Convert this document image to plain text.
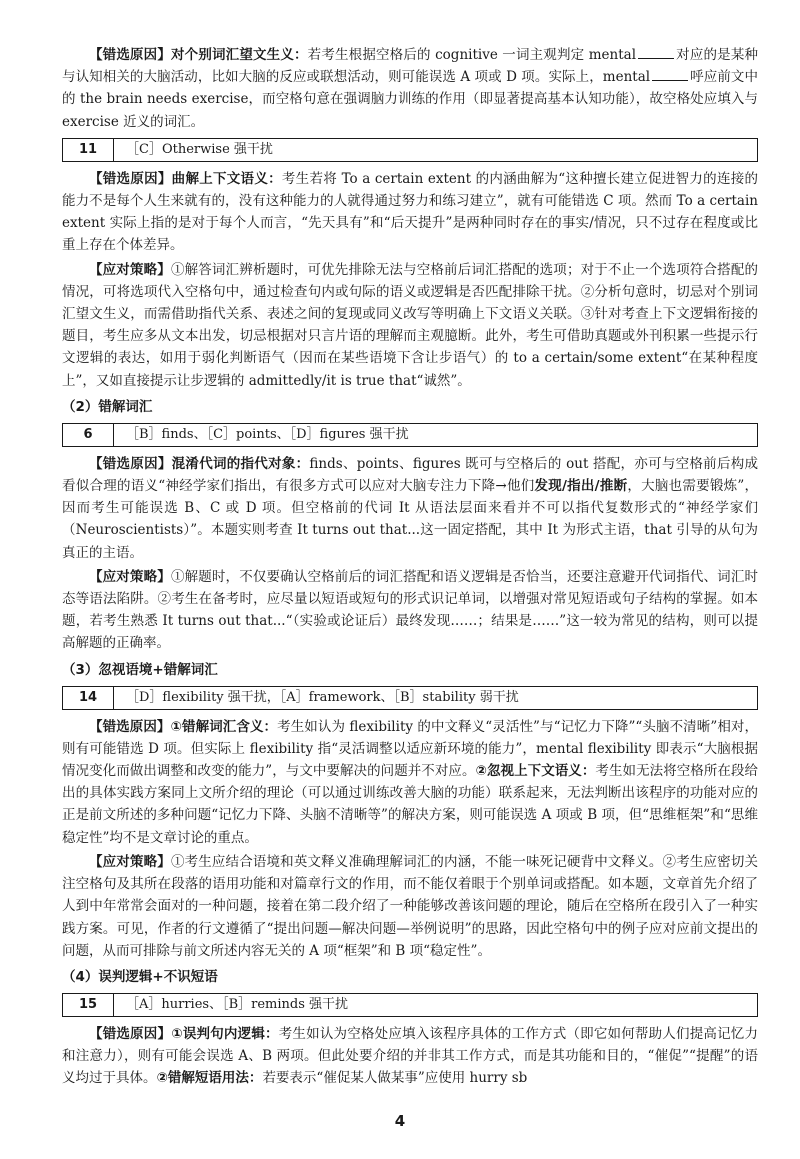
【错选原因】对个别词汇望文生义：若考生根据空格后的 cognitive 一词主观判定 mental	对应的是某种与认知相关的大脑活动，比如大脑的反应或联想活动，则可能误选 A 项或 D 项。实际上，mental	呼应前文中的 the brain needs exercise，而空格句意在强调脑力训练的作用（即显著提高基本认知功能），故空格处应填入与 exercise 近义的词汇。

11	［C］Otherwise 强干扰

【错选原因】曲解上下文语义：考生若将 To a certain extent 的内涵曲解为“这种擅长建立促进智力的连接的能力不是每个人生来就有的，没有这种能力的人就得通过努力和练习建立”，就有可能错选 C 项。然而 To a certain extent 实际上指的是对于每个人而言，“先天具有”和“后天提升”是两种同时存在的事实/情况，只不过存在程度或比重上存在个体差异。

【应对策略】①解答词汇辨析题时，可优先排除无法与空格前后词汇搭配的选项；对于不止一个选项符合搭配的情况，可将选项代入空格句中，通过检查句内或句际的语义或逻辑是否匹配排除干扰。②分析句意时，切忌对个别词汇望文生义，而需借助指代关系、表述之间的复现或同义改写等明确上下文语义关联。③针对考查上下文逻辑衔接的题目，考生应多从文本出发，切忌根据对只言片语的理解而主观臆断。此外，考生可借助真题或外刊积累一些提示行文逻辑的表达，如用于弱化判断语气（因而在某些语境下含让步语气）的 to a certain/some extent“在某种程度上”，又如直接提示让步逻辑的 admittedly/it is true that“诚然”。

（2）错解词汇
6	［B］finds、［C］points、［D］figures 强干扰

【错选原因】混淆代词的指代对象：finds、points、figures 既可与空格后的 out 搭配，亦可与空格前后构成看似合理的语义“神经学家们指出，有很多方式可以应对大脑专注力下降→他们发现/指出/推断，大脑也需要锻炼”，因而考生可能误选 B、C 或 D 项。但空格前的代词 It 从语法层面来看并不可以指代复数形式的“神经学家们（Neuroscientists）”。本题实则考查 It turns out that...这一固定搭配，其中 It 为形式主语，that 引导的从句为真正的主语。

【应对策略】①解题时，不仅要确认空格前后的词汇搭配和语义逻辑是否恰当，还要注意避开代词指代、词汇时态等语法陷阱。②考生在备考时，应尽量以短语或短句的形式识记单词，以增强对常见短语或句子结构的掌握。如本题，若考生熟悉 It turns out that...“（实验或论证后）最终发现……；结果是……”这一较为常见的结构，则可以提高解题的正确率。

（3）忽视语境+错解词汇
14	［D］flexibility 强干扰，［A］framework、［B］stability 弱干扰

【错选原因】①错解词汇含义：考生如认为 flexibility 的中文释义“灵活性”与“记忆力下降”“头脑不清晰”相对，则有可能错选 D 项。但实际上 flexibility 指“灵活调整以适应新环境的能力”，mental flexibility 即表示“大脑根据情况变化而做出调整和改变的能力”，与文中要解决的问题并不对应。②忽视上下文语义：考生如无法将空格所在段给出的具体实践方案同上文所介绍的理论（可以通过训练改善大脑的功能）联系起来，无法判断出该程序的功能对应的正是前文所述的多种问题“记忆力下降、头脑不清晰等”的解决方案，则可能误选 A 项或 B 项，但“思维框架”和“思维稳定性”均不是文章讨论的重点。

【应对策略】①考生应结合语境和英文释义准确理解词汇的内涵，不能一味死记硬背中文释义。②考生应密切关注空格句及其所在段落的语用功能和对篇章行文的作用，而不能仅着眼于个别单词或搭配。如本题，文章首先介绍了人到中年常常会面对的一种问题，接着在第二段介绍了一种能够改善该问题的理论，随后在空格所在段引入了一种实践方案。可见，作者的行文遵循了“提出问题—解决问题—举例说明”的思路，因此空格句中的例子应对应前文提出的问题，从而可排除与前文所述内容无关的 A 项“框架”和 B 项“稳定性”。

（4）误判逻辑+不识短语
15	［A］hurries、［B］reminds 强干扰

【错选原因】①误判句内逻辑：考生如认为空格处应填入该程序具体的工作方式（即它如何帮助人们提高记忆力和注意力），则有可能会误选 A、B 两项。但此处要介绍的并非其工作方式，而是其功能和目的，“催促”“提醒”的语义均过于具体。②错解短语用法：若要表示“催促某人做某事”应使用 hurry sb

4
